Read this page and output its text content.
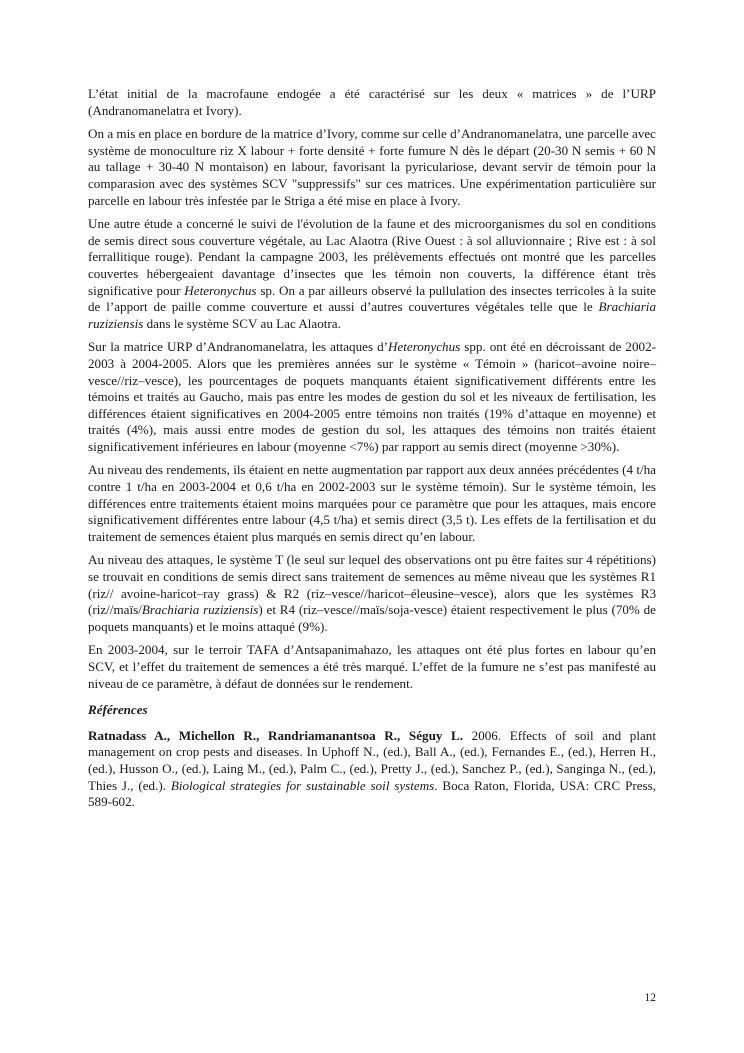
L’état initial de la macrofaune endogée a été caractérisé sur les deux « matrices » de l’URP (Andranomanelatra et Ivory).

On a mis en place en bordure de la matrice d’Ivory, comme sur celle d’Andranomanelatra, une parcelle avec système de monoculture riz X labour + forte densité + forte fumure N dès le départ (20-30 N semis + 60 N au tallage + 30-40 N montaison) en labour, favorisant la pyriculariose, devant servir de témoin pour la comparasion avec des systèmes SCV "suppressifs" sur ces matrices. Une expérimentation particulière sur parcelle en labour très infestée par le Striga a été mise en place à Ivory.

Une autre étude a concerné le suivi de l'évolution de la faune et des microorganismes du sol en conditions de semis direct sous couverture végétale, au Lac Alaotra (Rive Ouest : à sol alluvionnaire ; Rive est : à sol ferrallitique rouge). Pendant la campagne 2003, les prélèvements effectués ont montré que les parcelles couvertes hébergeaient davantage d’insectes que les témoin non couverts, la différence étant très significative pour Heteronychus sp. On a par ailleurs observé la pullulation des insectes terricoles à la suite de l’apport de paille comme couverture et aussi d’autres couvertures végétales telle que le Brachiaria ruziziensis dans le système SCV au Lac Alaotra.

Sur la matrice URP d’Andranomanelatra, les attaques d’Heteronychus spp. ont été en décroissant de 2002-2003 à 2004-2005. Alors que les premières années sur le système « Témoin » (haricot–avoine noire–vesce//riz–vesce), les pourcentages de poquets manquants étaient significativement différents entre les témoins et traités au Gaucho, mais pas entre les modes de gestion du sol et les niveaux de fertilisation, les différences étaient significatives en 2004-2005 entre témoins non traités (19% d’attaque en moyenne) et traités (4%), mais aussi entre modes de gestion du sol, les attaques des témoins non traités étaient significativement inférieures en labour (moyenne <7%) par rapport au semis direct (moyenne >30%).

Au niveau des rendements, ils étaient en nette augmentation par rapport aux deux années précédentes (4 t/ha contre 1 t/ha en 2003-2004 et 0,6 t/ha en 2002-2003 sur le système témoin). Sur le système témoin, les différences entre traitements étaient moins marquées pour ce paramètre que pour les attaques, mais encore significativement différentes entre labour (4,5 t/ha) et semis direct (3,5 t). Les effets de la fertilisation et du traitement de semences étaient plus marqués en semis direct qu’en labour.

Au niveau des attaques, le système T (le seul sur lequel des observations ont pu être faites sur 4 répétitions) se trouvait en conditions de semis direct sans traitement de semences au même niveau que les systèmes R1 (riz// avoine-haricot–ray grass) & R2 (riz–vesce//haricot–éleusine–vesce), alors que les systèmes R3 (riz//maïs/Brachiaria ruziziensis) et R4 (riz–vesce//maïs/soja-vesce) étaient respectivement le plus (70% de poquets manquants) et le moins attaqué (9%).

En 2003-2004, sur le terroir TAFA d’Antsapanimahazo, les attaques ont été plus fortes en labour qu’en SCV, et l’effet du traitement de semences a été très marqué. L’effet de la fumure ne s’est pas manifesté au niveau de ce paramètre, à défaut de données sur le rendement.

Références

Ratnadass A., Michellon R., Randriamanantsoa R., Séguy L. 2006. Effects of soil and plant management on crop pests and diseases. In Uphoff N., (ed.), Ball A., (ed.), Fernandes E., (ed.), Herren H., (ed.), Husson O., (ed.), Laing M., (ed.), Palm C., (ed.), Pretty J., (ed.), Sanchez P., (ed.), Sanginga N., (ed.), Thies J., (ed.). Biological strategies for sustainable soil systems. Boca Raton, Florida, USA: CRC Press, 589-602.

12
